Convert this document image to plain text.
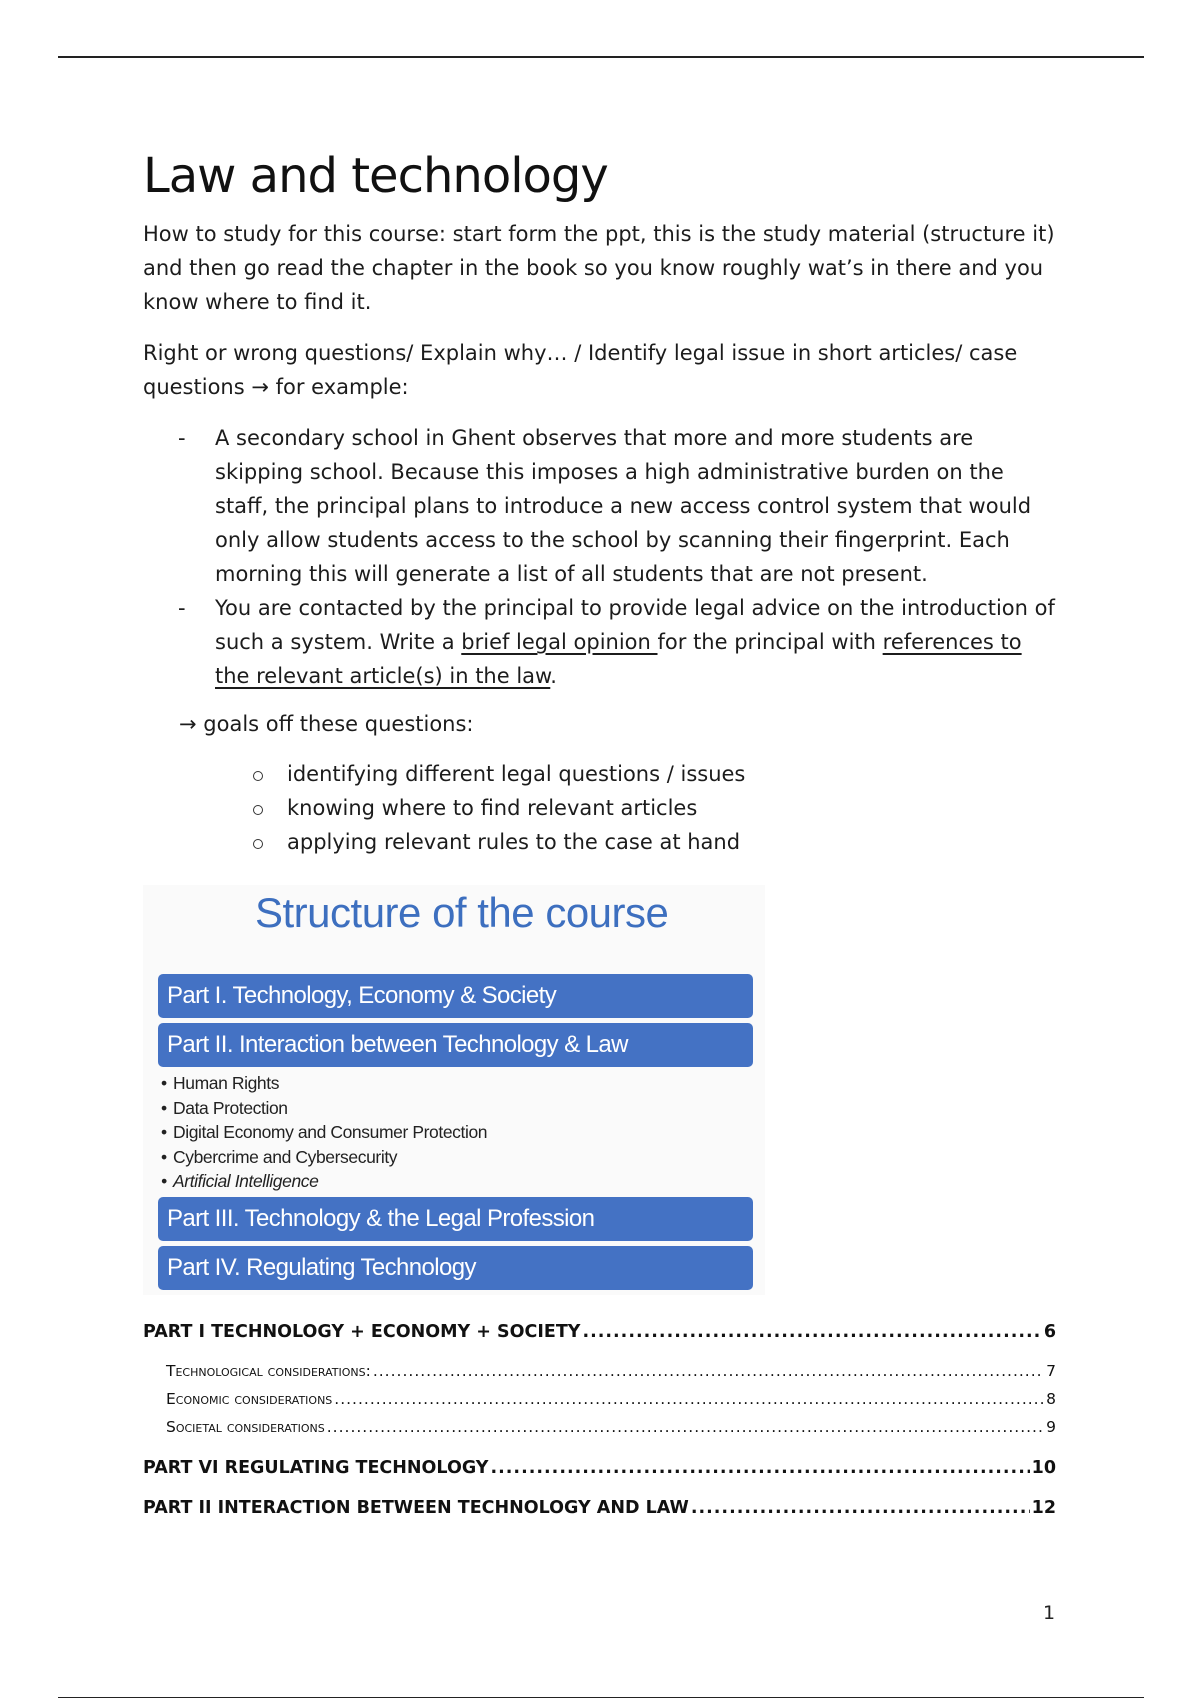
Law and technology

How to study for this course: start form the ppt, this is the study material (structure it) and then go read the chapter in the book so you know roughly wat’s in there and you know where to find it.

Right or wrong questions/ Explain why… / Identify legal issue in short articles/ case questions → for example:

- A secondary school in Ghent observes that more and more students are skipping school. Because this imposes a high administrative burden on the staff, the principal plans to introduce a new access control system that would only allow students access to the school by scanning their fingerprint. Each morning this will generate a list of all students that are not present.
- You are contacted by the principal to provide legal advice on the introduction of such a system. Write a brief legal opinion for the principal with references to the relevant article(s) in the law.

→ goals off these questions:

identifying different legal questions / issues
knowing where to find relevant articles
applying relevant rules to the case at hand
Structure of the course
Part I. Technology, Economy & Society
Part II. Interaction between Technology & Law
• Human Rights
• Data Protection
• Digital Economy and Consumer Protection
• Cybercrime and Cybersecurity
• Artificial Intelligence
Part III. Technology & the Legal Profession
Part IV. Regulating Technology
PART I TECHNOLOGY + ECONOMY + SOCIETY .....	6
Technological considerations: .....	7
Economic considerations .....	8
Societal considerations .....	9
PART VI REGULATING TECHNOLOGY .....	10
PART II INTERACTION BETWEEN TECHNOLOGY AND LAW .....	12
1
